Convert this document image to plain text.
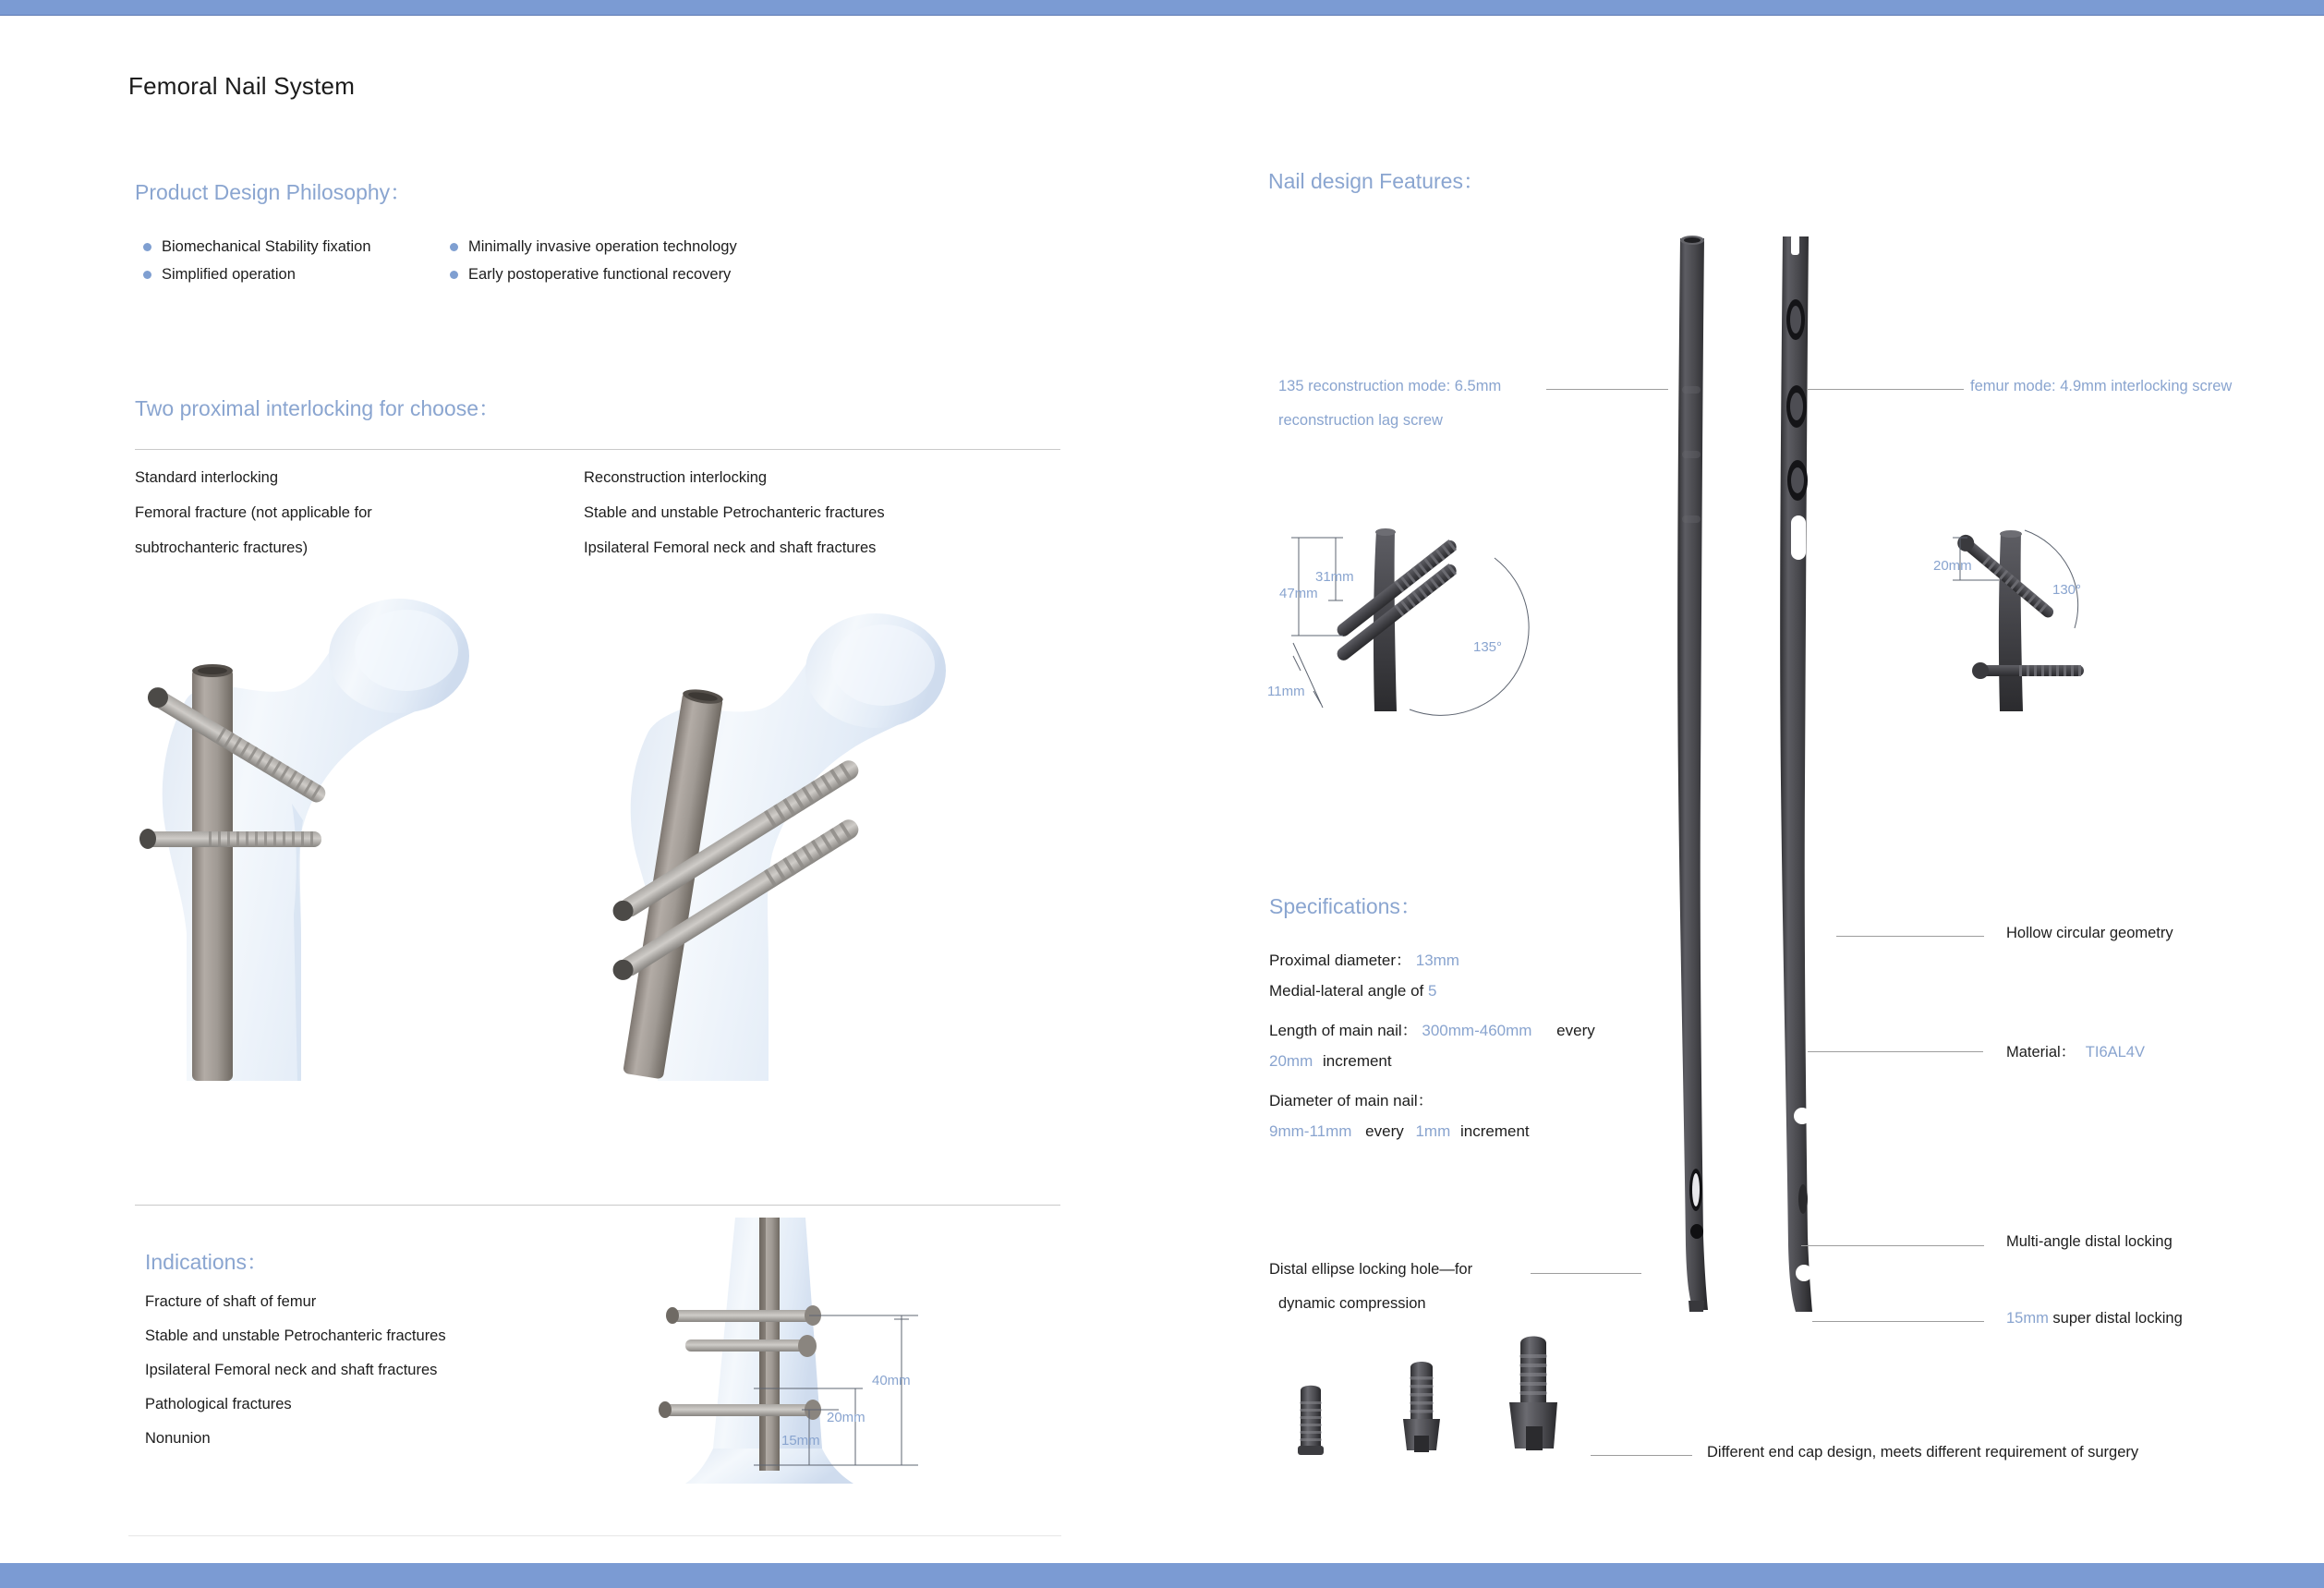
Femoral Nail System
Product Design Philosophy：
Biomechanical Stability fixation
Simplified operation
Minimally invasive operation technology
Early postoperative functional recovery
Two proximal interlocking for choose：
Standard interlocking
Femoral fracture (not applicable for
subtrochanteric fractures)
Reconstruction interlocking
Stable and unstable Petrochanteric fractures
Ipsilateral Femoral neck and shaft fractures
Indications：
Fracture of shaft of femur
Stable and unstable Petrochanteric fractures
Ipsilateral Femoral neck and shaft fractures
Pathological fractures
Nonunion
40mm
20mm
15mm
Nail design Features：
135 reconstruction mode: 6.5mm
reconstruction lag screw
femur mode: 4.9mm interlocking screw
47mm
31mm
11mm
135°
20mm
130°
Specifications：
Proximal diameter： 13mm
Medial-lateral angle of 5
Length of main nail： 300mm-460mm every
20mm increment
Diameter of main nail：
9mm-11mm every 1mm increment
Hollow circular geometry
Material： TI6AL4V
Multi-angle distal locking
15mm super distal locking
Distal ellipse locking hole—for
dynamic compression
Different end cap design, meets different requirement of surgery
